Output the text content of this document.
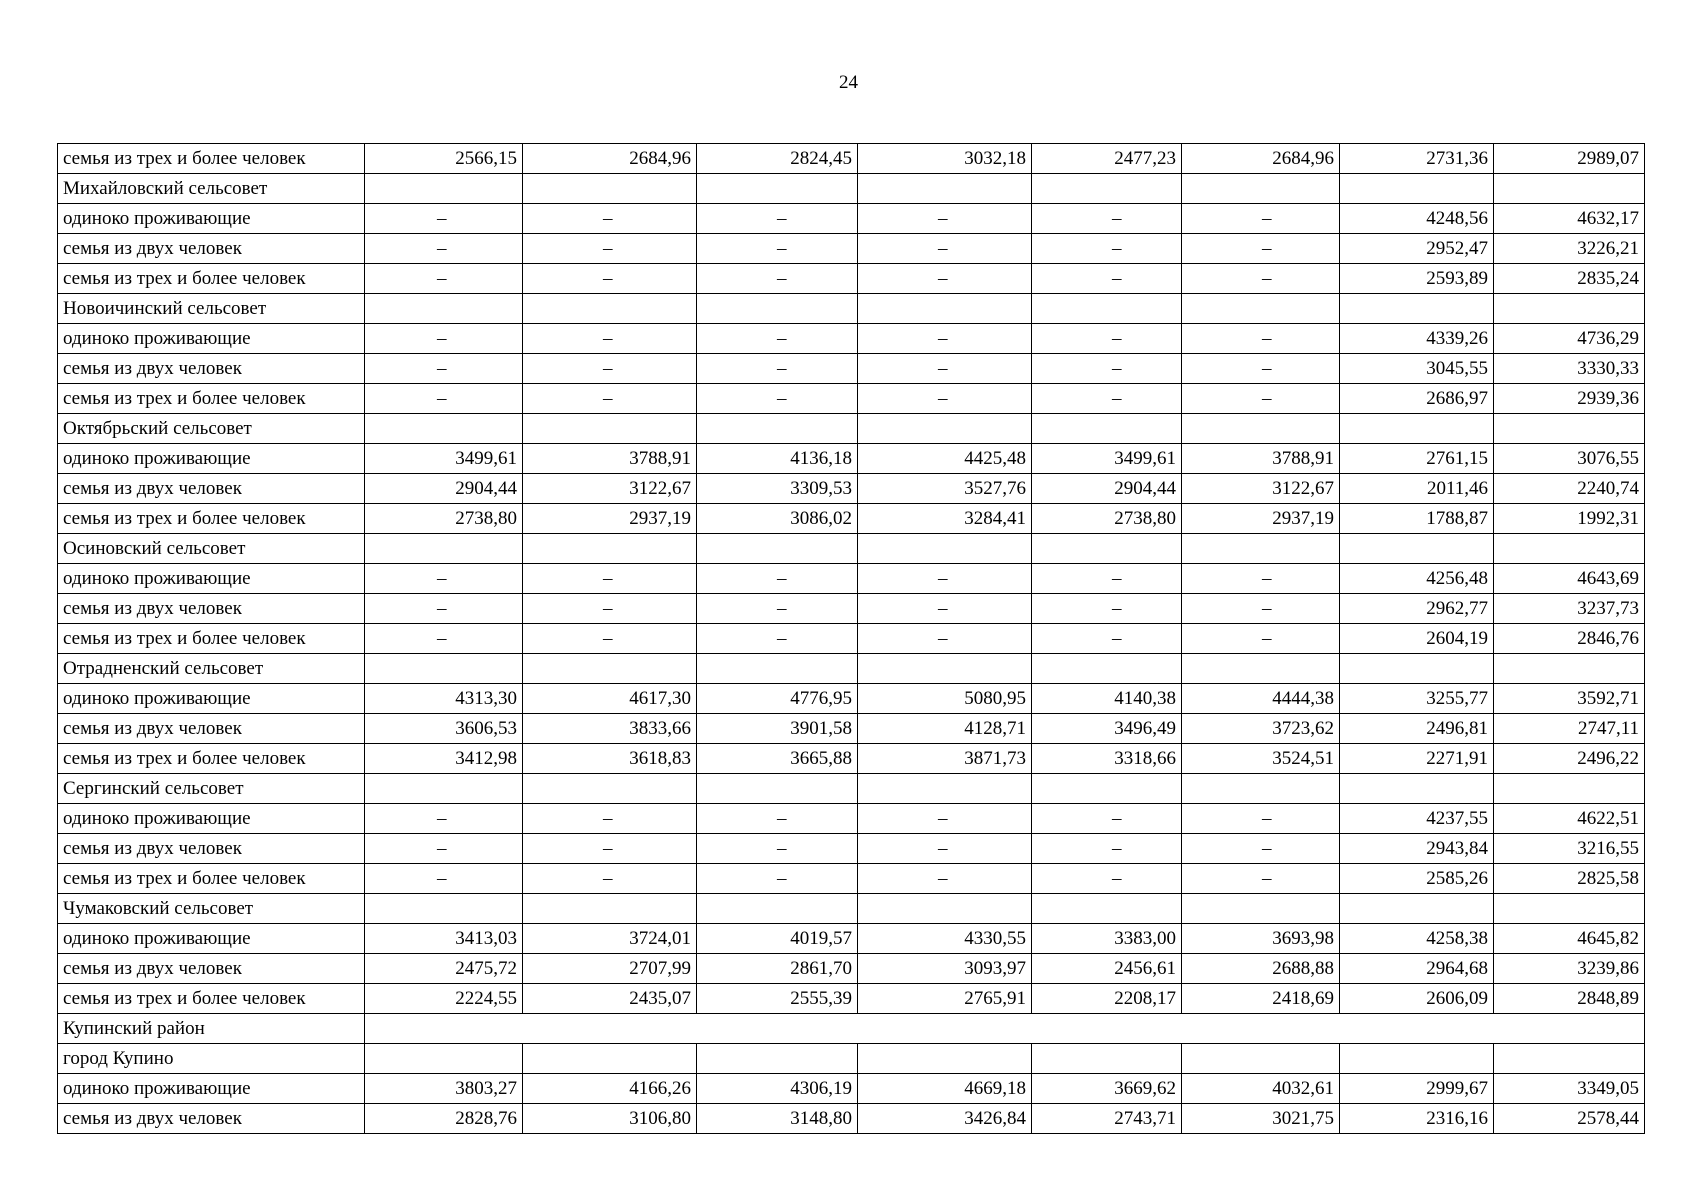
24
семья из трех и более человек	2566,15	2684,96	2824,45	3032,18	2477,23	2684,96	2731,36	2989,07
Михайловский сельсовет								
одиноко проживающие	–	–	–	–	–	–	4248,56	4632,17
семья из двух человек	–	–	–	–	–	–	2952,47	3226,21
семья из трех и более человек	–	–	–	–	–	–	2593,89	2835,24
Новоичинский сельсовет								
одиноко проживающие	–	–	–	–	–	–	4339,26	4736,29
семья из двух человек	–	–	–	–	–	–	3045,55	3330,33
семья из трех и более человек	–	–	–	–	–	–	2686,97	2939,36
Октябрьский сельсовет								
одиноко проживающие	3499,61	3788,91	4136,18	4425,48	3499,61	3788,91	2761,15	3076,55
семья из двух человек	2904,44	3122,67	3309,53	3527,76	2904,44	3122,67	2011,46	2240,74
семья из трех и более человек	2738,80	2937,19	3086,02	3284,41	2738,80	2937,19	1788,87	1992,31
Осиновский сельсовет								
одиноко проживающие	–	–	–	–	–	–	4256,48	4643,69
семья из двух человек	–	–	–	–	–	–	2962,77	3237,73
семья из трех и более человек	–	–	–	–	–	–	2604,19	2846,76
Отрадненский сельсовет								
одиноко проживающие	4313,30	4617,30	4776,95	5080,95	4140,38	4444,38	3255,77	3592,71
семья из двух человек	3606,53	3833,66	3901,58	4128,71	3496,49	3723,62	2496,81	2747,11
семья из трех и более человек	3412,98	3618,83	3665,88	3871,73	3318,66	3524,51	2271,91	2496,22
Сергинский сельсовет								
одиноко проживающие	–	–	–	–	–	–	4237,55	4622,51
семья из двух человек	–	–	–	–	–	–	2943,84	3216,55
семья из трех и более человек	–	–	–	–	–	–	2585,26	2825,58
Чумаковский сельсовет								
одиноко проживающие	3413,03	3724,01	4019,57	4330,55	3383,00	3693,98	4258,38	4645,82
семья из двух человек	2475,72	2707,99	2861,70	3093,97	2456,61	2688,88	2964,68	3239,86
семья из трех и более человек	2224,55	2435,07	2555,39	2765,91	2208,17	2418,69	2606,09	2848,89
Купинский район								
город Купино								
одиноко проживающие	3803,27	4166,26	4306,19	4669,18	3669,62	4032,61	2999,67	3349,05
семья из двух человек	2828,76	3106,80	3148,80	3426,84	2743,71	3021,75	2316,16	2578,44
